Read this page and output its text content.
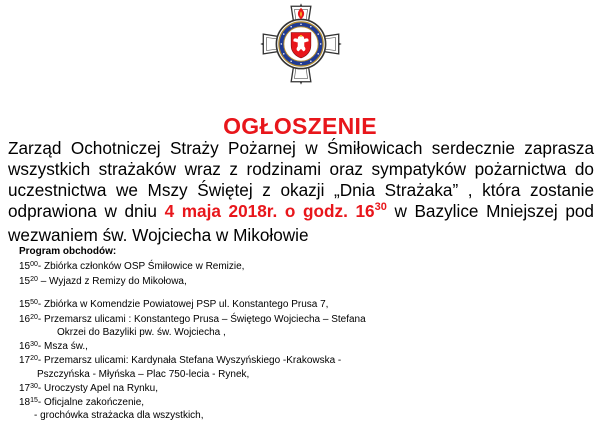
OGŁOSZENIE
Zarząd Ochotniczej Straży Pożarnej w Śmiłowicach serdecznie zaprasza wszystkich strażaków wraz z rodzinami oraz sympatyków pożarnictwa do uczestnictwa we Mszy Świętej z okazji „Dnia Strażaka” , która zostanie odprawiona w dniu 4 maja 2018r. o godz. $16^{30}$ w Bazylice Mniejszej pod wezwaniem św. Wojciecha w Mikołowie
Program obchodów:
$15^{00}-$ Zbiórka członków OSP Śmiłowice w Remizie,
$15^{20}$ – Wyjazd z Remizy do Mikołowa,
$15^{50}-$ Zbiórka w Komendzie Powiatowej PSP ul. Konstantego Prusa 7,
$16^{20}-$ Przemarsz ulicami : Konstantego Prusa – Świętego Wojciecha – Stefana
Okrzei do Bazyliki pw. św. Wojciecha ,
$16^{30}-$ Msza św.,
$17^{20}-$ Przemarsz ulicami: Kardynała Stefana Wyszyńskiego -Krakowska -
Pszczyńska - Młyńska – Plac 750-lecia - Rynek,
$17^{30}-$ Uroczysty Apel na Rynku,
$18^{15}-$ Oficjalne zakończenie,
- grochówka strażacka dla wszystkich,
